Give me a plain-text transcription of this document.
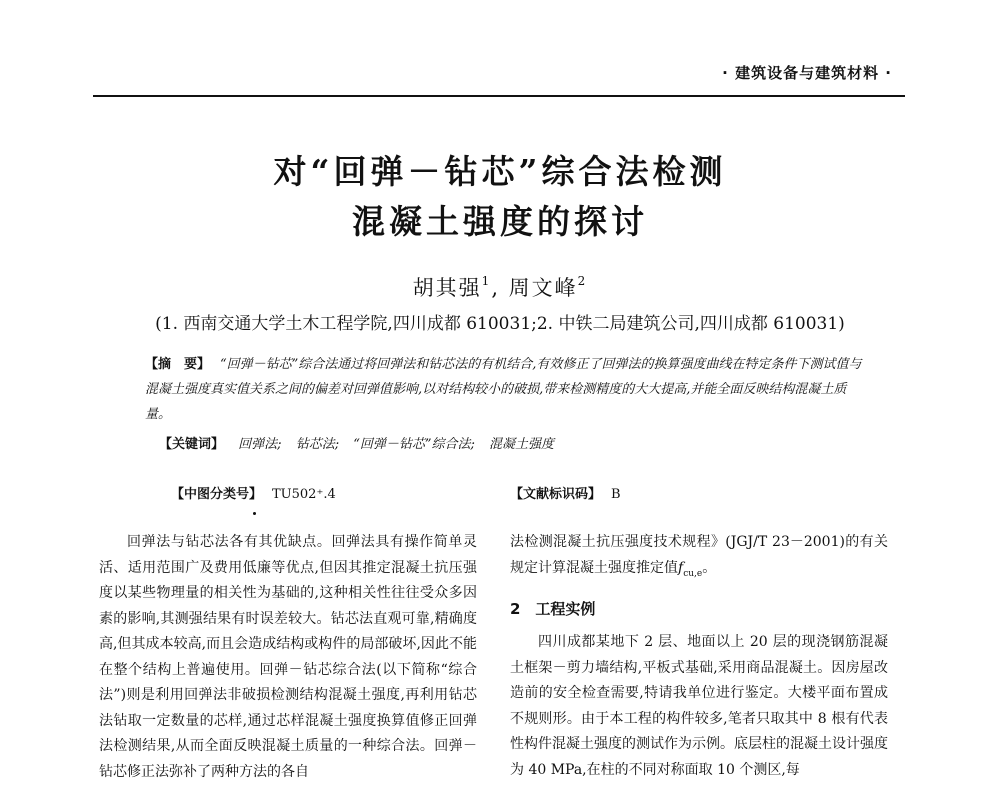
· 建筑设备与建筑材料 ·
对“回弹－钻芯”综合法检测
混凝土强度的探讨
胡其强$^1$, 周文峰$^2$
(1. 西南交通大学土木工程学院,四川成都 610031;2. 中铁二局建筑公司,四川成都 610031)
【摘　要】 “回弹－钻芯”综合法通过将回弹法和钻芯法的有机结合,有效修正了回弹法的换算强度曲线在特定条件下测试值与混凝土强度真实值关系之间的偏差对回弹值影响,以对结构较小的破损,带来检测精度的大大提高,并能全面反映结构混凝土质量。
【关键词】 回弹法; 钻芯法; “回弹－钻芯”综合法; 混凝土强度
【中图分类号】 TU502⁺.4	【文献标识码】 B

回弹法与钻芯法各有其优缺点。回弹法具有操作简单灵活、适用范围广及费用低廉等优点,但因其推定混凝土抗压强度以某些物理量的相关性为基础的,这种相关性往往受众多因素的影响,其测强结果有时误差较大。钻芯法直观可靠,精确度高,但其成本较高,而且会造成结构或构件的局部破坏,因此不能在整个结构上普遍使用。回弹－钻芯综合法(以下简称“综合法”)则是利用回弹法非破损检测结构混凝土强度,再利用钻芯法钻取一定数量的芯样,通过芯样混凝土强度换算值修正回弹法检测结果,从而全面反映混凝土质量的一种综合法。回弹－钻芯修正法弥补了两种方法的各自

法检测混凝土抗压强度技术规程》(JGJ/T 23－2001)的有关规定计算混凝土强度推定值$f_{cu,e}$。

2　工程实例

四川成都某地下 2 层、地面以上 20 层的现浇钢筋混凝土框架－剪力墙结构,平板式基础,采用商品混凝土。因房屋改造前的安全检查需要,特请我单位进行鉴定。大楼平面布置成不规则形。由于本工程的构件较多,笔者只取其中 8 根有代表性构件混凝土强度的测试作为示例。底层柱的混凝土设计强度为 40 MPa,在柱的不同对称面取 10 个测区,每
